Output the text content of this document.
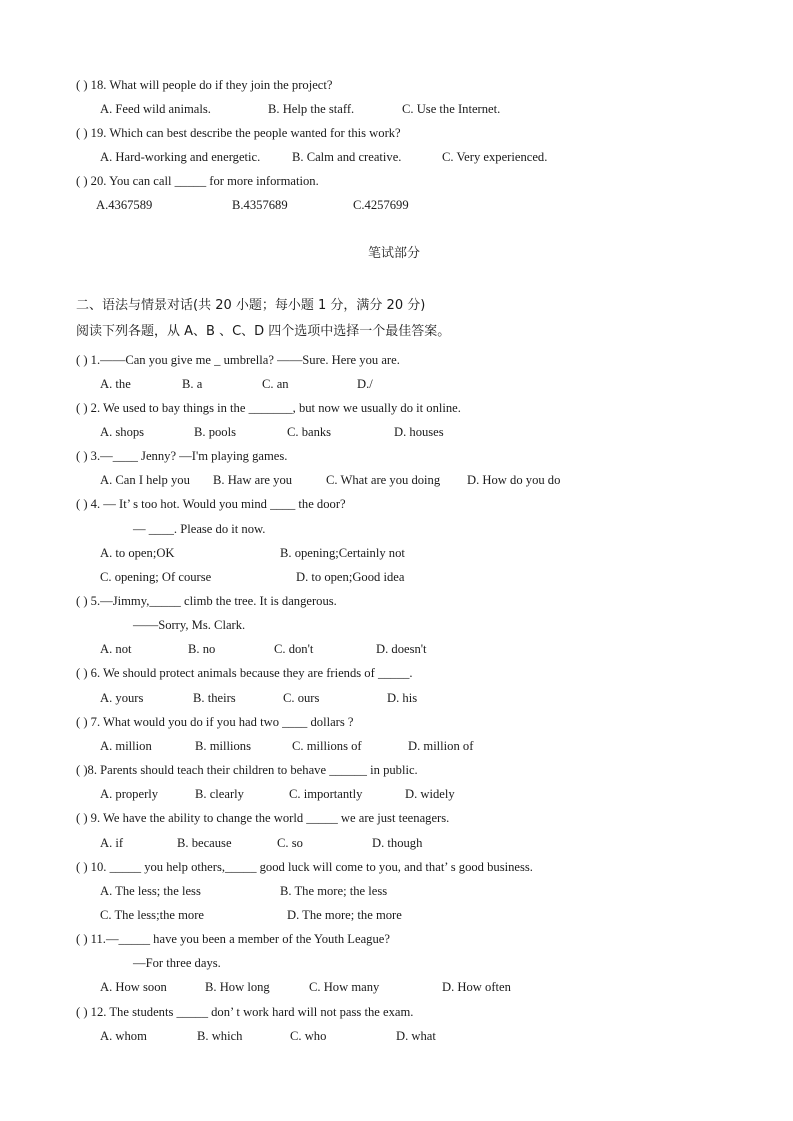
( ) 18. What will people do if they join the project?
A. Feed wild animals.	B. Help the staff.	C. Use the Internet.
( ) 19. Which can best describe the people wanted for this work?
A. Hard-working and energetic.	B. Calm and creative.	C. Very experienced.
( ) 20. You can call _____ for more information.
A.4367589	B.4357689	C.4257699
笔试部分
二、语法与情景对话(共 20 小题；每小题 1 分，满分 20 分)
阅读下列各题，从 A、B 、C、D 四个选项中选择一个最佳答案。
( ) 1.——Can you give me _ umbrella? ——Sure. Here you are.
A. the	B. a	C. an	D./
( ) 2. We used to bay things in the _______, but now we usually do it online.
A. shops	B. pools	C. banks	D. houses
( ) 3.—____ Jenny? —I'm playing games.
A. Can I help you B. Haw are you	C. What are you doing D. How do you do
( ) 4. — It’ s too hot. Would you mind ____ the door?
— ____. Please do it now.
A. to open;OK	B. opening;Certainly not
C. opening; Of course	D. to open;Good idea
( ) 5.—Jimmy,_____ climb the tree. It is dangerous.
——Sorry, Ms. Clark.
A. not	B. no	C. don't	D. doesn't
( ) 6. We should protect animals because they are friends of _____.
A. yours	B. theirs	C. ours	D. his
( ) 7. What would you do if you had two ____ dollars ?
A. million	B. millions	C. millions of	D. million of
( )8. Parents should teach their children to behave ______ in public.
A. properly	B. clearly	C. importantly	D. widely
( ) 9. We have the ability to change the world _____ we are just teenagers.
A. if	B. because	C. so	D. though
( ) 10. _____ you help others,_____ good luck will come to you, and that’ s good business.
A. The less; the less	B. The more; the less
C. The less;the more	D. The more; the more
( ) 11.—_____ have you been a member of the Youth League?
—For three days.
A. How soon	B. How long	C. How many	D. How often
( ) 12. The students _____ don’ t work hard will not pass the exam.
A. whom	B. which	C. who	D. what
